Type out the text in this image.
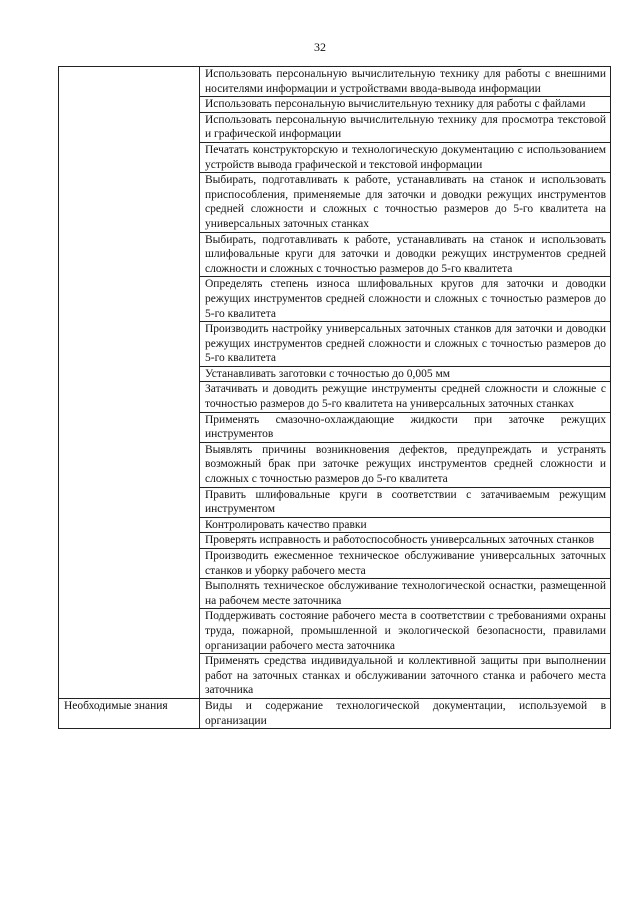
32
	Использовать персональную вычислительную технику для работы с внешними носителями информации и устройствами ввода-вывода информации
	Использовать персональную вычислительную технику для работы с файлами
	Использовать персональную вычислительную технику для просмотра текстовой и графической информации
	Печатать конструкторскую и технологическую документацию с использованием устройств вывода графической и текстовой информации
	Выбирать, подготавливать к работе, устанавливать на станок и использовать приспособления, применяемые для заточки и доводки режущих инструментов средней сложности и сложных с точностью размеров до 5-го квалитета на универсальных заточных станках
	Выбирать, подготавливать к работе, устанавливать на станок и использовать шлифовальные круги для заточки и доводки режущих инструментов средней сложности и сложных с точностью размеров до 5-го квалитета
	Определять степень износа шлифовальных кругов для заточки и доводки режущих инструментов средней сложности и сложных с точностью размеров до 5-го квалитета
	Производить настройку универсальных заточных станков для заточки и доводки режущих инструментов средней сложности и сложных с точностью размеров до 5-го квалитета
	Устанавливать заготовки с точностью до 0,005 мм
	Затачивать и доводить режущие инструменты средней сложности и сложные с точностью размеров до 5-го квалитета на универсальных заточных станках
	Применять смазочно-охлаждающие жидкости при заточке режущих инструментов
	Выявлять причины возникновения дефектов, предупреждать и устранять возможный брак при заточке режущих инструментов средней сложности и сложных с точностью размеров до 5-го квалитета
	Править шлифовальные круги в соответствии с затачиваемым режущим инструментом
	Контролировать качество правки
	Проверять исправность и работоспособность универсальных заточных станков
	Производить ежесменное техническое обслуживание универсальных заточных станков и уборку рабочего места
	Выполнять техническое обслуживание технологической оснастки, размещенной на рабочем месте заточника
	Поддерживать состояние рабочего места в соответствии с требованиями охраны труда, пожарной, промышленной и экологической безопасности, правилами организации рабочего места заточника
	Применять средства индивидуальной и коллективной защиты при выполнении работ на заточных станках и обслуживании заточного станка и рабочего места заточника
Необходимые знания	Виды и содержание технологической документации, используемой в организации
